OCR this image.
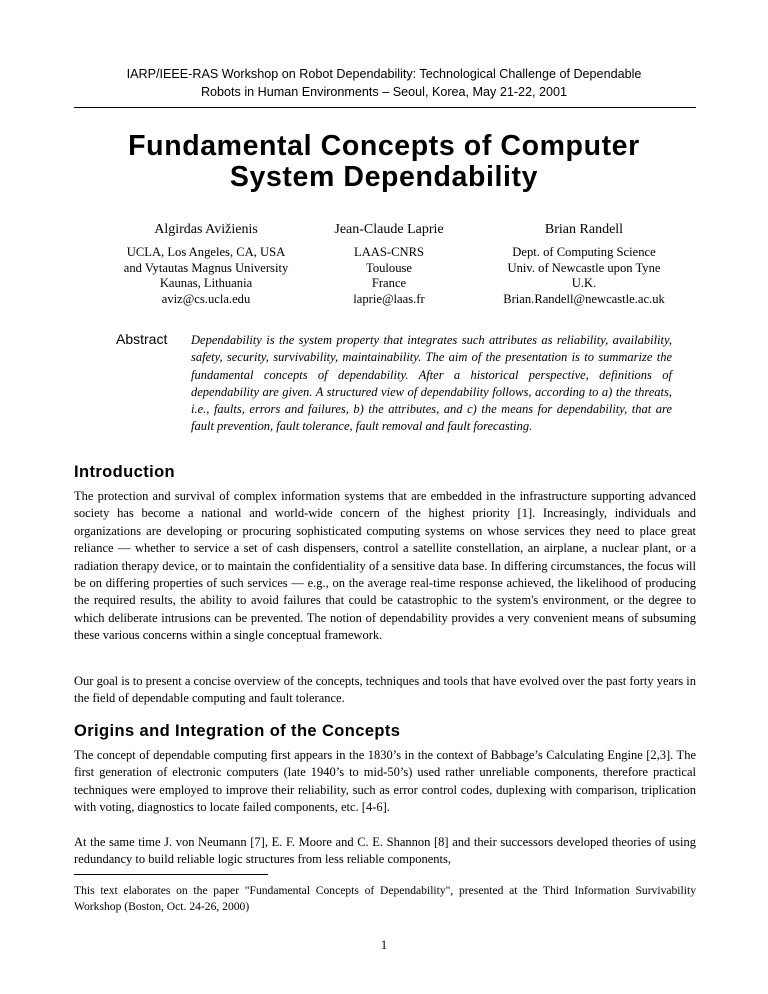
IARP/IEEE-RAS Workshop on Robot Dependability: Technological Challenge of Dependable
Robots in Human Environments – Seoul, Korea, May 21-22, 2001
Fundamental Concepts of Computer
System Dependability
Algirdas Avižienis
UCLA, Los Angeles, CA, USA
and Vytautas Magnus University
Kaunas, Lithuania
aviz@cs.ucla.edu
Jean-Claude Laprie
LAAS-CNRS
Toulouse
France
laprie@laas.fr
Brian Randell
Dept. of Computing Science
Univ. of Newcastle upon Tyne
U.K.
Brian.Randell@newcastle.ac.uk
Abstract Dependability is the system property that integrates such attributes as reliability, availability, safety, security, survivability, maintainability. The aim of the presentation is to summarize the fundamental concepts of dependability. After a historical perspective, definitions of dependability are given. A structured view of dependability follows, according to a) the threats, i.e., faults, errors and failures, b) the attributes, and c) the means for dependability, that are fault prevention, fault tolerance, fault removal and fault forecasting.
Introduction

The protection and survival of complex information systems that are embedded in the infrastructure supporting advanced society has become a national and world-wide concern of the highest priority [1]. Increasingly, individuals and organizations are developing or procuring sophisticated computing systems on whose services they need to place great reliance — whether to service a set of cash dispensers, control a satellite constellation, an airplane, a nuclear plant, or a radiation therapy device, or to maintain the confidentiality of a sensitive data base. In differing circumstances, the focus will be on differing properties of such services — e.g., on the average real-time response achieved, the likelihood of producing the required results, the ability to avoid failures that could be catastrophic to the system's environment, or the degree to which deliberate intrusions can be prevented. The notion of dependability provides a very convenient means of subsuming these various concerns within a single conceptual framework.

Our goal is to present a concise overview of the concepts, techniques and tools that have evolved over the past forty years in the field of dependable computing and fault tolerance.

Origins and Integration of the Concepts

The concept of dependable computing first appears in the 1830’s in the context of Babbage’s Calculating Engine [2,3]. The first generation of electronic computers (late 1940’s to mid-50’s) used rather unreliable components, therefore practical techniques were employed to improve their reliability, such as error control codes, duplexing with comparison, triplication with voting, diagnostics to locate failed components, etc. [4-6].

At the same time J. von Neumann [7], E. F. Moore and C. E. Shannon [8] and their successors developed theories of using redundancy to build reliable logic structures from less reliable components,

This text elaborates on the paper "Fundamental Concepts of Dependability", presented at the Third Information Survivability Workshop (Boston, Oct. 24-26, 2000)
1
